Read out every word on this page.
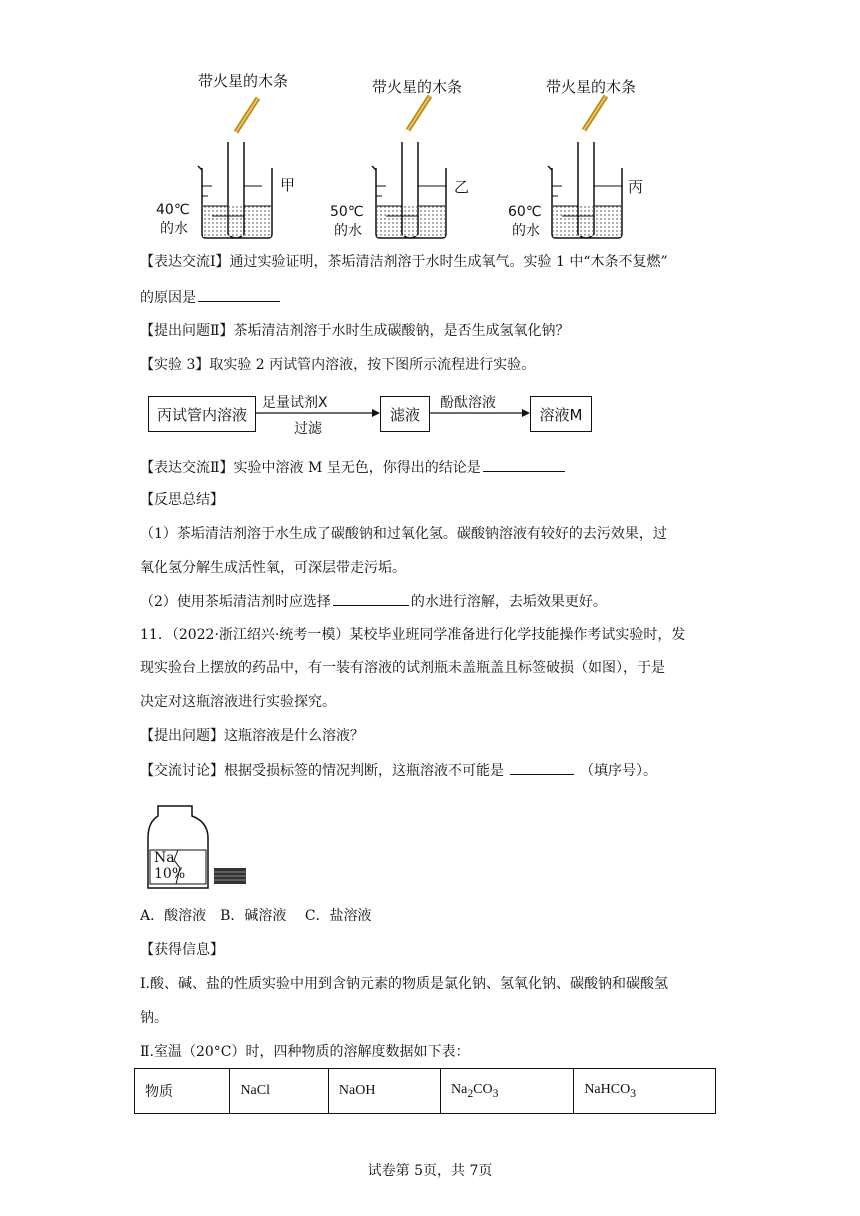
带火星的木条	带火星的木条	带火星的木条
甲	乙	丙
40℃
的水
50℃
的水
60℃
的水
【表达交流Ⅰ】通过实验证明，茶垢清洁剂溶于水时生成氧气。实验 1 中“木条不复燃”
的原因是
【提出问题Ⅱ】茶垢清洁剂溶于水时生成碳酸钠，是否生成氢氧化钠？
【实验 3】取实验 2 丙试管内溶液，按下图所示流程进行实验。
丙试管内溶液
足量试剂X
过滤
滤液
酚酞溶液
溶液M
【表达交流Ⅱ】实验中溶液 M 呈无色，你得出的结论是
【反思总结】
（1）茶垢清洁剂溶于水生成了碳酸钠和过氧化氢。碳酸钠溶液有较好的去污效果，过
氧化氢分解生成活性氧，可深层带走污垢。
（2）使用茶垢清洁剂时应选择	的水进行溶解，去垢效果更好。
11．（2022·浙江绍兴·统考一模）某校毕业班同学准备进行化学技能操作考试实验时，发
现实验台上摆放的药品中，有一装有溶液的试剂瓶未盖瓶盖且标签破损（如图），于是
决定对这瓶溶液进行实验探究。
【提出问题】这瓶溶液是什么溶液？
【交流讨论】根据受损标签的情况判断，这瓶溶液不可能是	（填序号）。
Na
10%
A．酸溶液　B．碱溶液　 C．盐溶液
【获得信息】
Ⅰ.酸、碱、盐的性质实验中用到含钠元素的物质是氯化钠、氢氧化钠、碳酸钠和碳酸氢
钠。
Ⅱ.室温（20°C）时，四种物质的溶解度数据如下表：
物质	NaCl	NaOH	$Na_2CO_3$	NaHCO$_3$
试卷第 5页，共 7页
